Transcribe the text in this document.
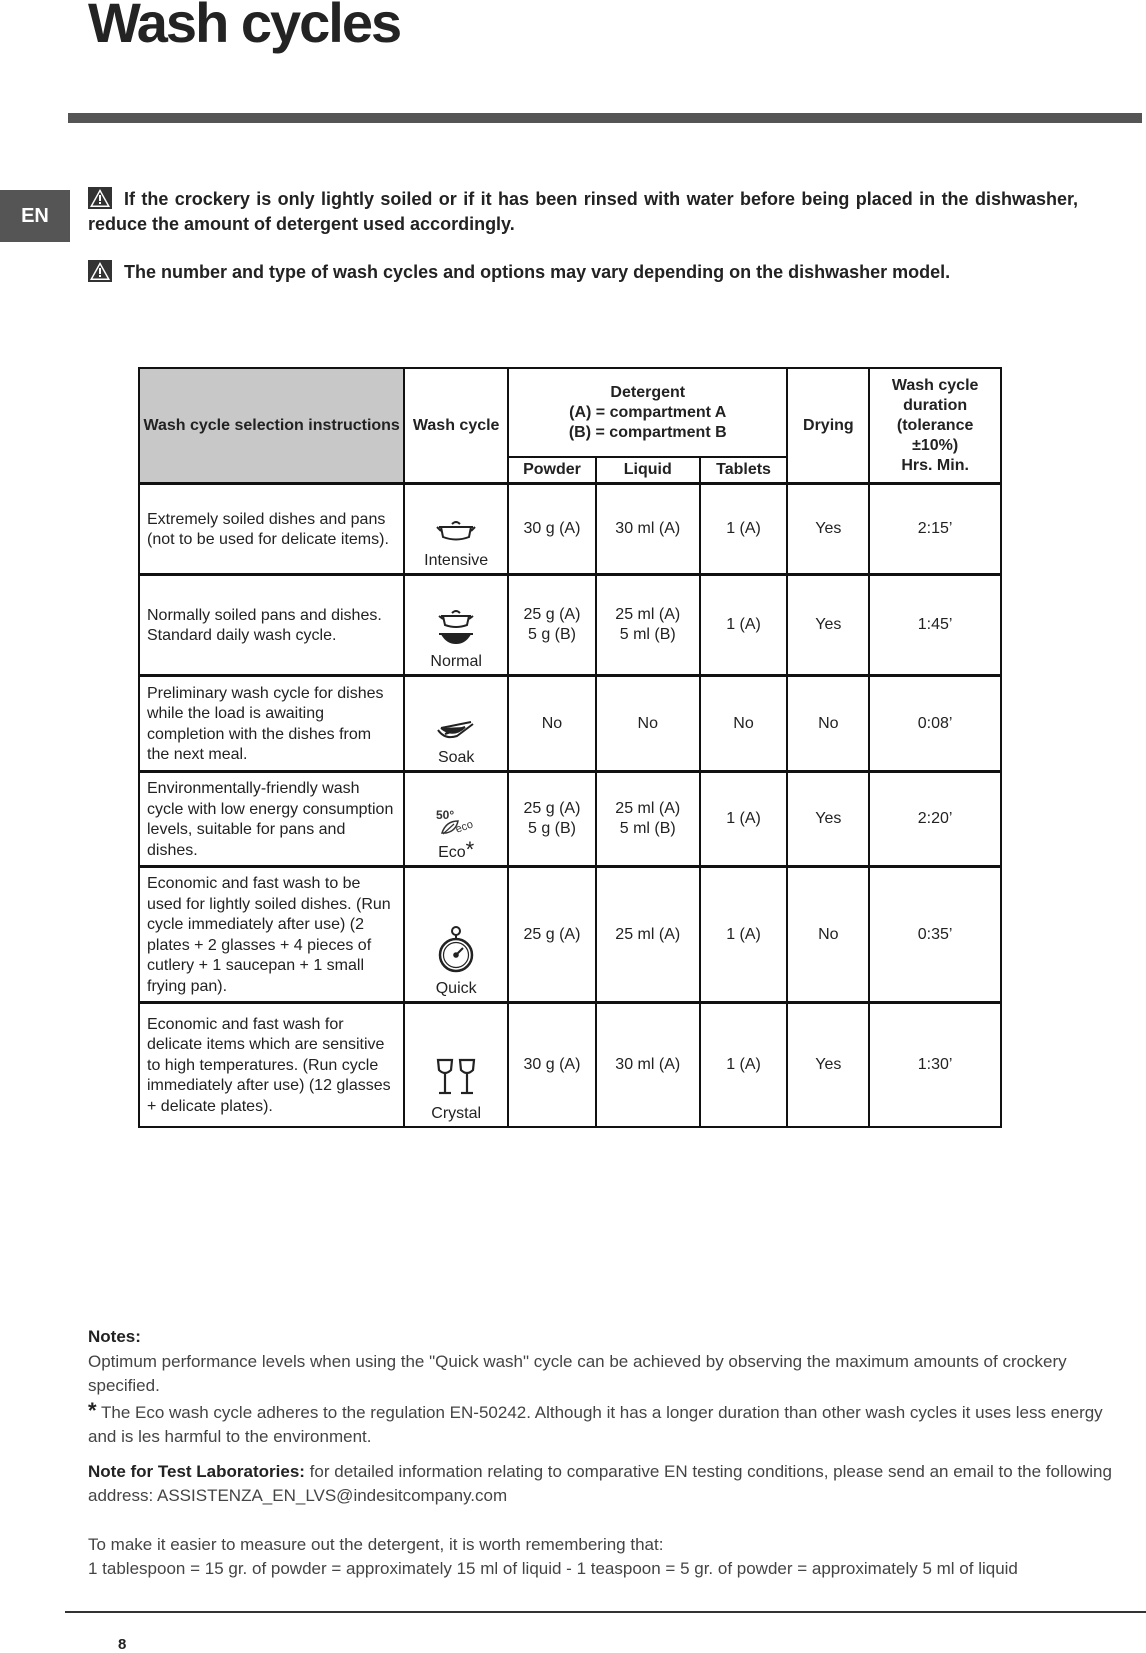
Wash cycles
EN
If the crockery is only lightly soiled or if it has been rinsed with water before being placed in the dishwasher, reduce the amount of detergent used accordingly.
The number and type of wash cycles and options may vary depending on the dishwasher model.
Wash cycle selection instructions	Wash cycle	Detergent
(A) = compartment A
(B) = compartment B			Drying	Wash cycle
duration
(tolerance
±10%)
Hrs. Min.
		Powder	Liquid	Tablets		
Extremely soiled dishes and pans (not to be used for delicate items).	Intensive	30 g (A)	30 ml (A)	1 (A)	Yes	2:15’
Normally soiled pans and dishes. Standard daily wash cycle.	Normal	25 g (A)
5 g (B)	25 ml (A)
5 ml (B)	1 (A)	Yes	1:45’
Preliminary wash cycle for dishes while the load is awaiting completion with the dishes from the next meal.	Soak	No	No	No	No	0:08’
Environmentally-friendly wash cycle with low energy consumption levels, suitable for pans and dishes.	50°
eco
Eco*	25 g (A)
5 g (B)	25 ml (A)
5 ml (B)	1 (A)	Yes	2:20’
Economic and fast wash to be used for lightly soiled dishes. (Run cycle immediately after use) (2 plates + 2 glasses + 4 pieces of cutlery + 1 saucepan + 1 small frying pan).	Quick	25 g (A)	25 ml (A)	1 (A)	No	0:35’
Economic and fast wash for delicate items which are sensitive to high temperatures. (Run cycle immediately after use) (12 glasses + delicate plates).	Crystal	30 g (A)	30 ml (A)	1 (A)	Yes	1:30’

Notes:

Optimum performance levels when using the "Quick wash" cycle can be achieved by observing the maximum amounts of crockery specified.

* The Eco wash cycle adheres to the regulation EN-50242. Although it has a longer duration than other wash cycles it uses less energy and is les harmful to the environment.

Note for Test Laboratories: for detailed information relating to comparative EN testing conditions, please send an email to the following address: ASSISTENZA_EN_LVS@indesitcompany.com

To make it easier to measure out the detergent, it is worth remembering that:

1 tablespoon = 15 gr. of powder = approximately 15 ml of liquid - 1 teaspoon = 5 gr. of powder = approximately 5 ml of liquid

8
